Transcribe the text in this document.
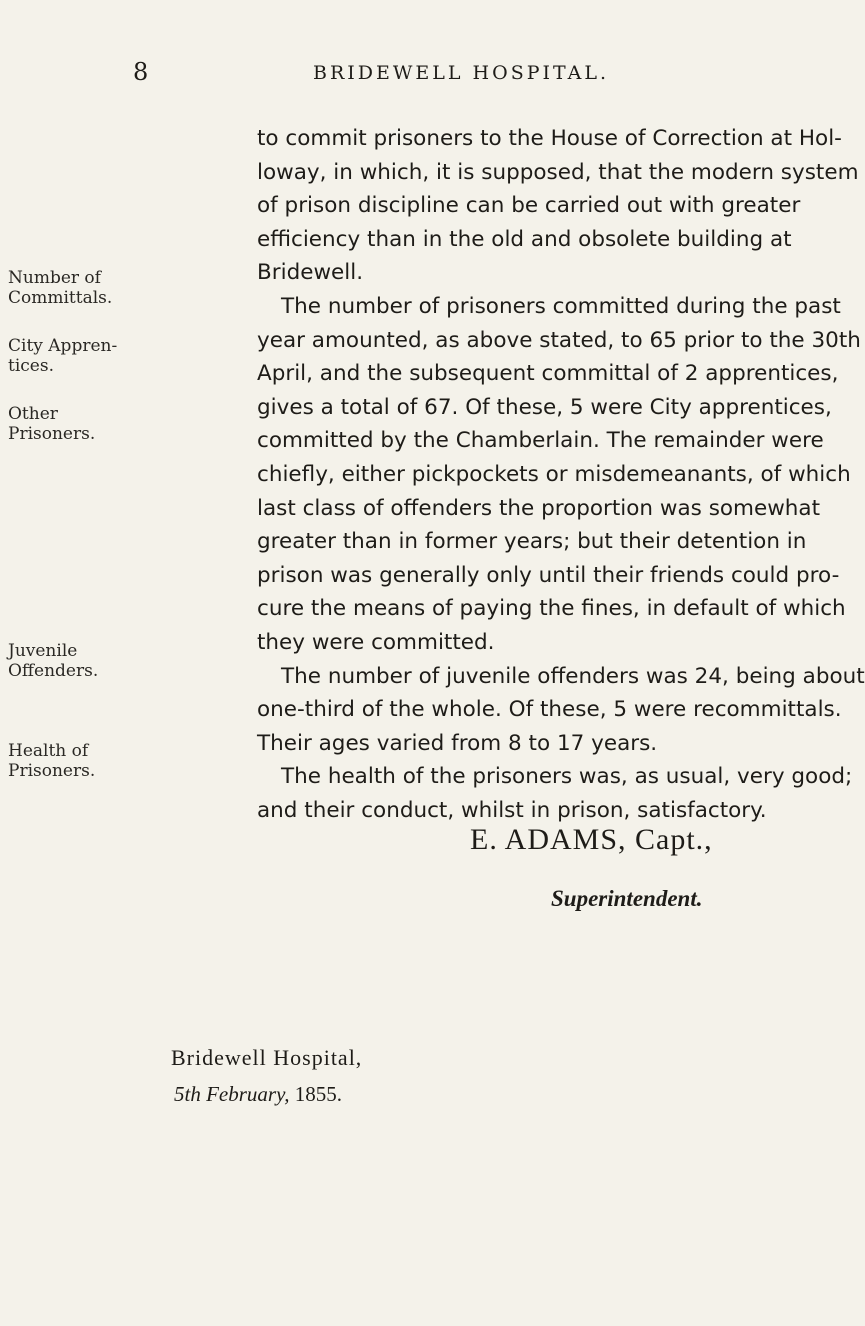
8	BRIDEWELL HOSPITAL.
Number of Committals.
City Appren- tices.
Other Prisoners.
Juvenile Offenders.
Health of Prisoners.
to commit prisoners to the House of Correction at Hol-
loway, in which, it is supposed, that the modern system
of prison discipline can be carried out with greater
efficiency than in the old and obsolete building at
Bridewell.
The number of prisoners committed during the past
year amounted, as above stated, to 65 prior to the 30th
April, and the subsequent committal of 2 apprentices,
gives a total of 67. Of these, 5 were City apprentices,
committed by the Chamberlain. The remainder were
chiefly, either pickpockets or misdemeanants, of which
last class of offenders the proportion was somewhat
greater than in former years; but their detention in
prison was generally only until their friends could pro-
cure the means of paying the fines, in default of which
they were committed.
The number of juvenile offenders was 24, being about
one-third of the whole. Of these, 5 were recommittals.
Their ages varied from 8 to 17 years.
The health of the prisoners was, as usual, very good;
and their conduct, whilst in prison, satisfactory.
E. ADAMS, Capt.,
Superintendent.
Bridewell Hospital,
5th February, 1855.
